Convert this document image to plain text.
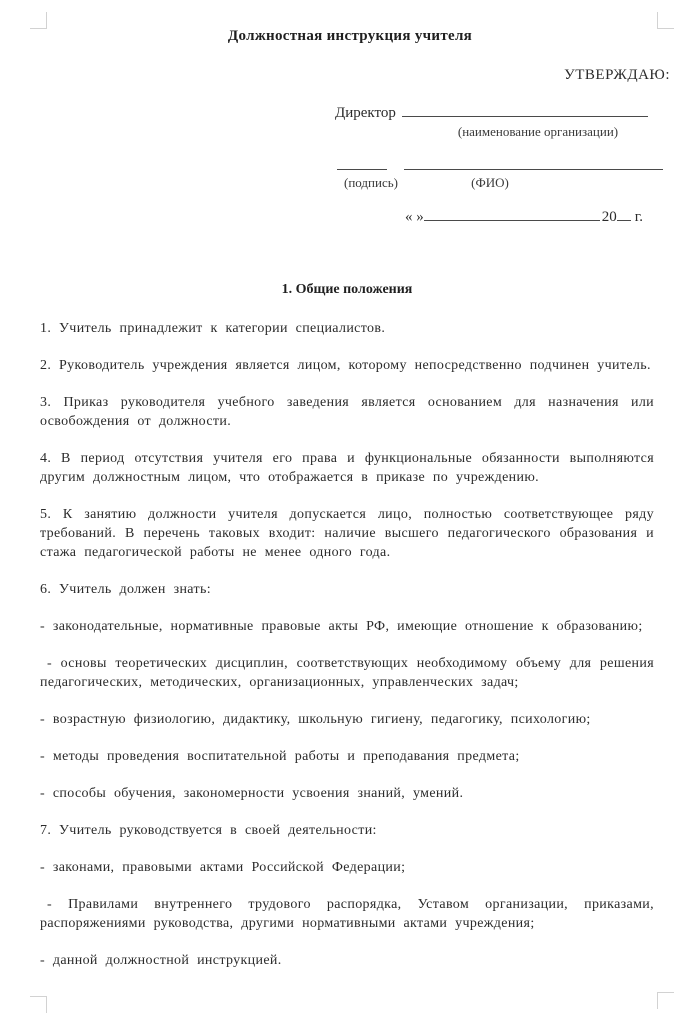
Должностная инструкция учителя
УТВЕРЖДАЮ:
Директор
(наименование организации)
(подпись)	(ФИО)
« »	20 г.
1. Общие положения

1. Учитель принадлежит к категории специалистов.

2. Руководитель учреждения является лицом, которому непосредственно подчинен учитель.

3. Приказ руководителя учебного заведения является основанием для назначения или освобождения от должности.

4. В период отсутствия учителя его права и функциональные обязанности выполняются другим должностным лицом, что отображается в приказе по учреждению.

5. К занятию должности учителя допускается лицо, полностью соответствующее ряду требований. В перечень таковых входит: наличие высшего педагогического образования и стажа педагогической работы не менее одного года.

6. Учитель должен знать:

- законодательные, нормативные правовые акты РФ, имеющие отношение к образованию;

- основы теоретических дисциплин, соответствующих необходимому объему для решения педагогических, методических, организационных, управленческих задач;

- возрастную физиологию, дидактику, школьную гигиену, педагогику, психологию;

- методы проведения воспитательной работы и преподавания предмета;

- способы обучения, закономерности усвоения знаний, умений.

7. Учитель руководствуется в своей деятельности:

- законами, правовыми актами Российской Федерации;

- Правилами внутреннего трудового распорядка, Уставом организации, приказами, распоряжениями руководства, другими нормативными актами учреждения;

- данной должностной инструкцией.
